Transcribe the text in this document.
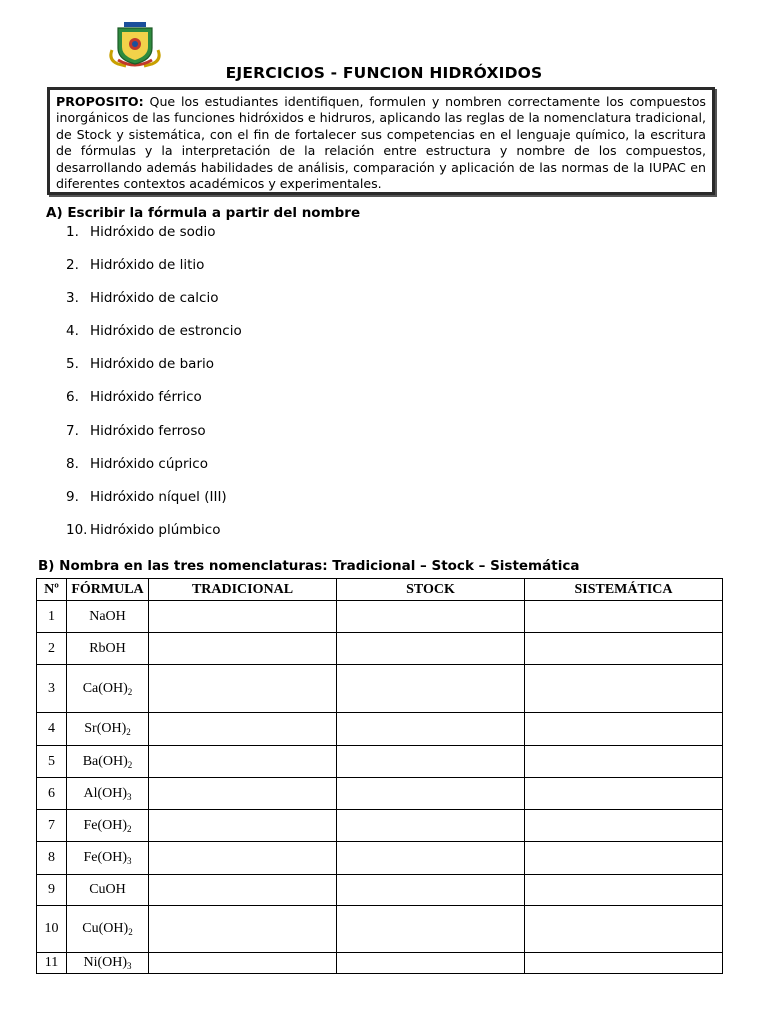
EJERCICIOS - FUNCION HIDRÓXIDOS
PROPOSITO: Que los estudiantes identifiquen, formulen y nombren correctamente los compuestos inorgánicos de las funciones hidróxidos e hidruros, aplicando las reglas de la nomenclatura tradicional, de Stock y sistemática, con el fin de fortalecer sus competencias en el lenguaje químico, la escritura de fórmulas y la interpretación de la relación entre estructura y nombre de los compuestos, desarrollando además habilidades de análisis, comparación y aplicación de las normas de la IUPAC en diferentes contextos académicos y experimentales.
A) Escribir la fórmula a partir del nombre
1. Hidróxido de sodio
2. Hidróxido de litio
3. Hidróxido de calcio
4. Hidróxido de estroncio
5. Hidróxido de bario
6. Hidróxido férrico
7. Hidróxido ferroso
8. Hidróxido cúprico
9. Hidróxido níquel (III)
10. Hidróxido plúmbico
B) Nombra en las tres nomenclaturas: Tradicional – Stock – Sistemática
Nº	FÓRMULA	TRADICIONAL	STOCK	SISTEMÁTICA
1	NaOH			
2	RbOH			
3	$Ca(OH)_2$			
4	$Sr(OH)_2$			
5	$Ba(OH)_2$			
6	$Al(OH)_3$			
7	$Fe(OH)_2$			
8	$Fe(OH)_3$			
9	CuOH			
10	$Cu(OH)_2$			
11	$Ni(OH)_3$			
